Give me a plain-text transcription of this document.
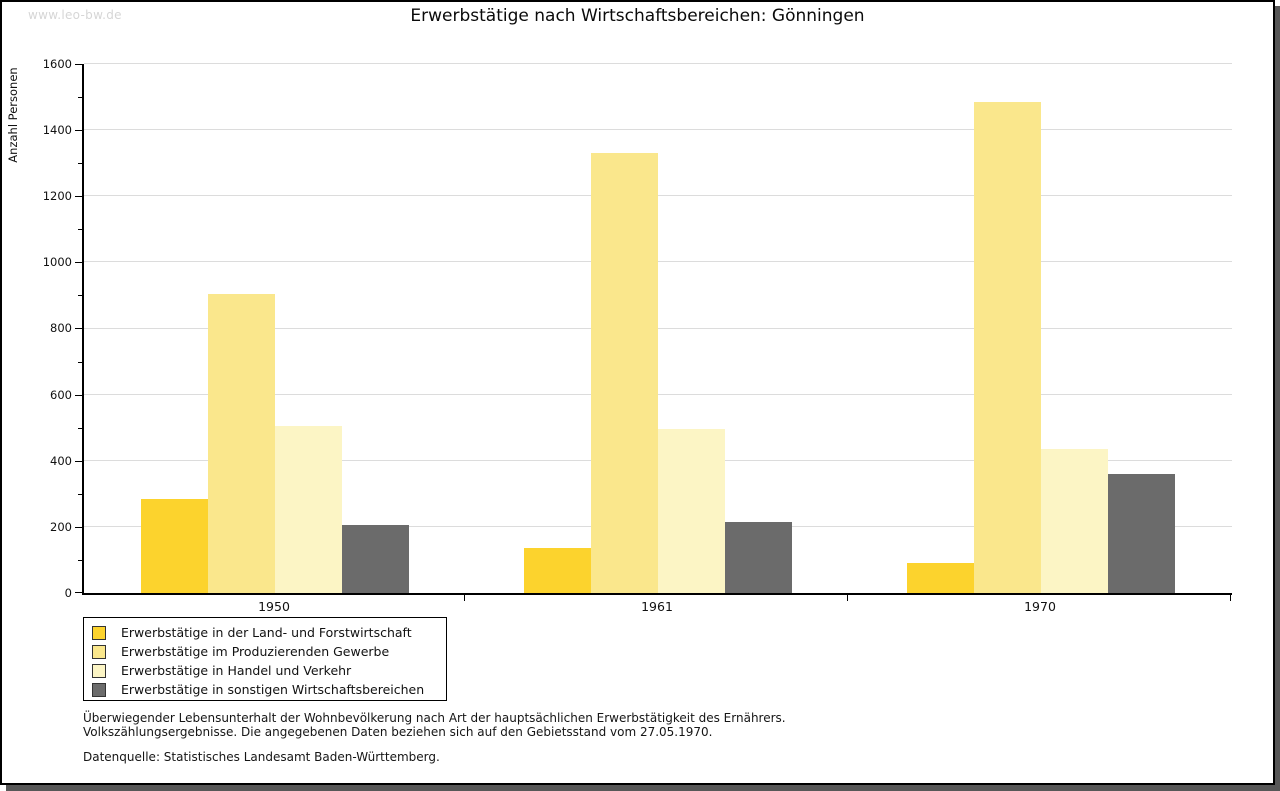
www.leo-bw.de	Erwerbstätige nach Wirtschaftsbereichen: Gönningen
Anzahl Personen
0
200
400
600
800
1000
1200
1400
1600
1950	1961	1970
Erwerbstätige in der Land- und Forstwirtschaft
Erwerbstätige im Produzierenden Gewerbe
Erwerbstätige in Handel und Verkehr
Erwerbstätige in sonstigen Wirtschaftsbereichen
Überwiegender Lebensunterhalt der Wohnbevölkerung nach Art der hauptsächlichen Erwerbstätigkeit des Ernährers.
Volkszählungsergebnisse. Die angegebenen Daten beziehen sich auf den Gebietsstand vom 27.05.1970.
Datenquelle: Statistisches Landesamt Baden-Württemberg.
